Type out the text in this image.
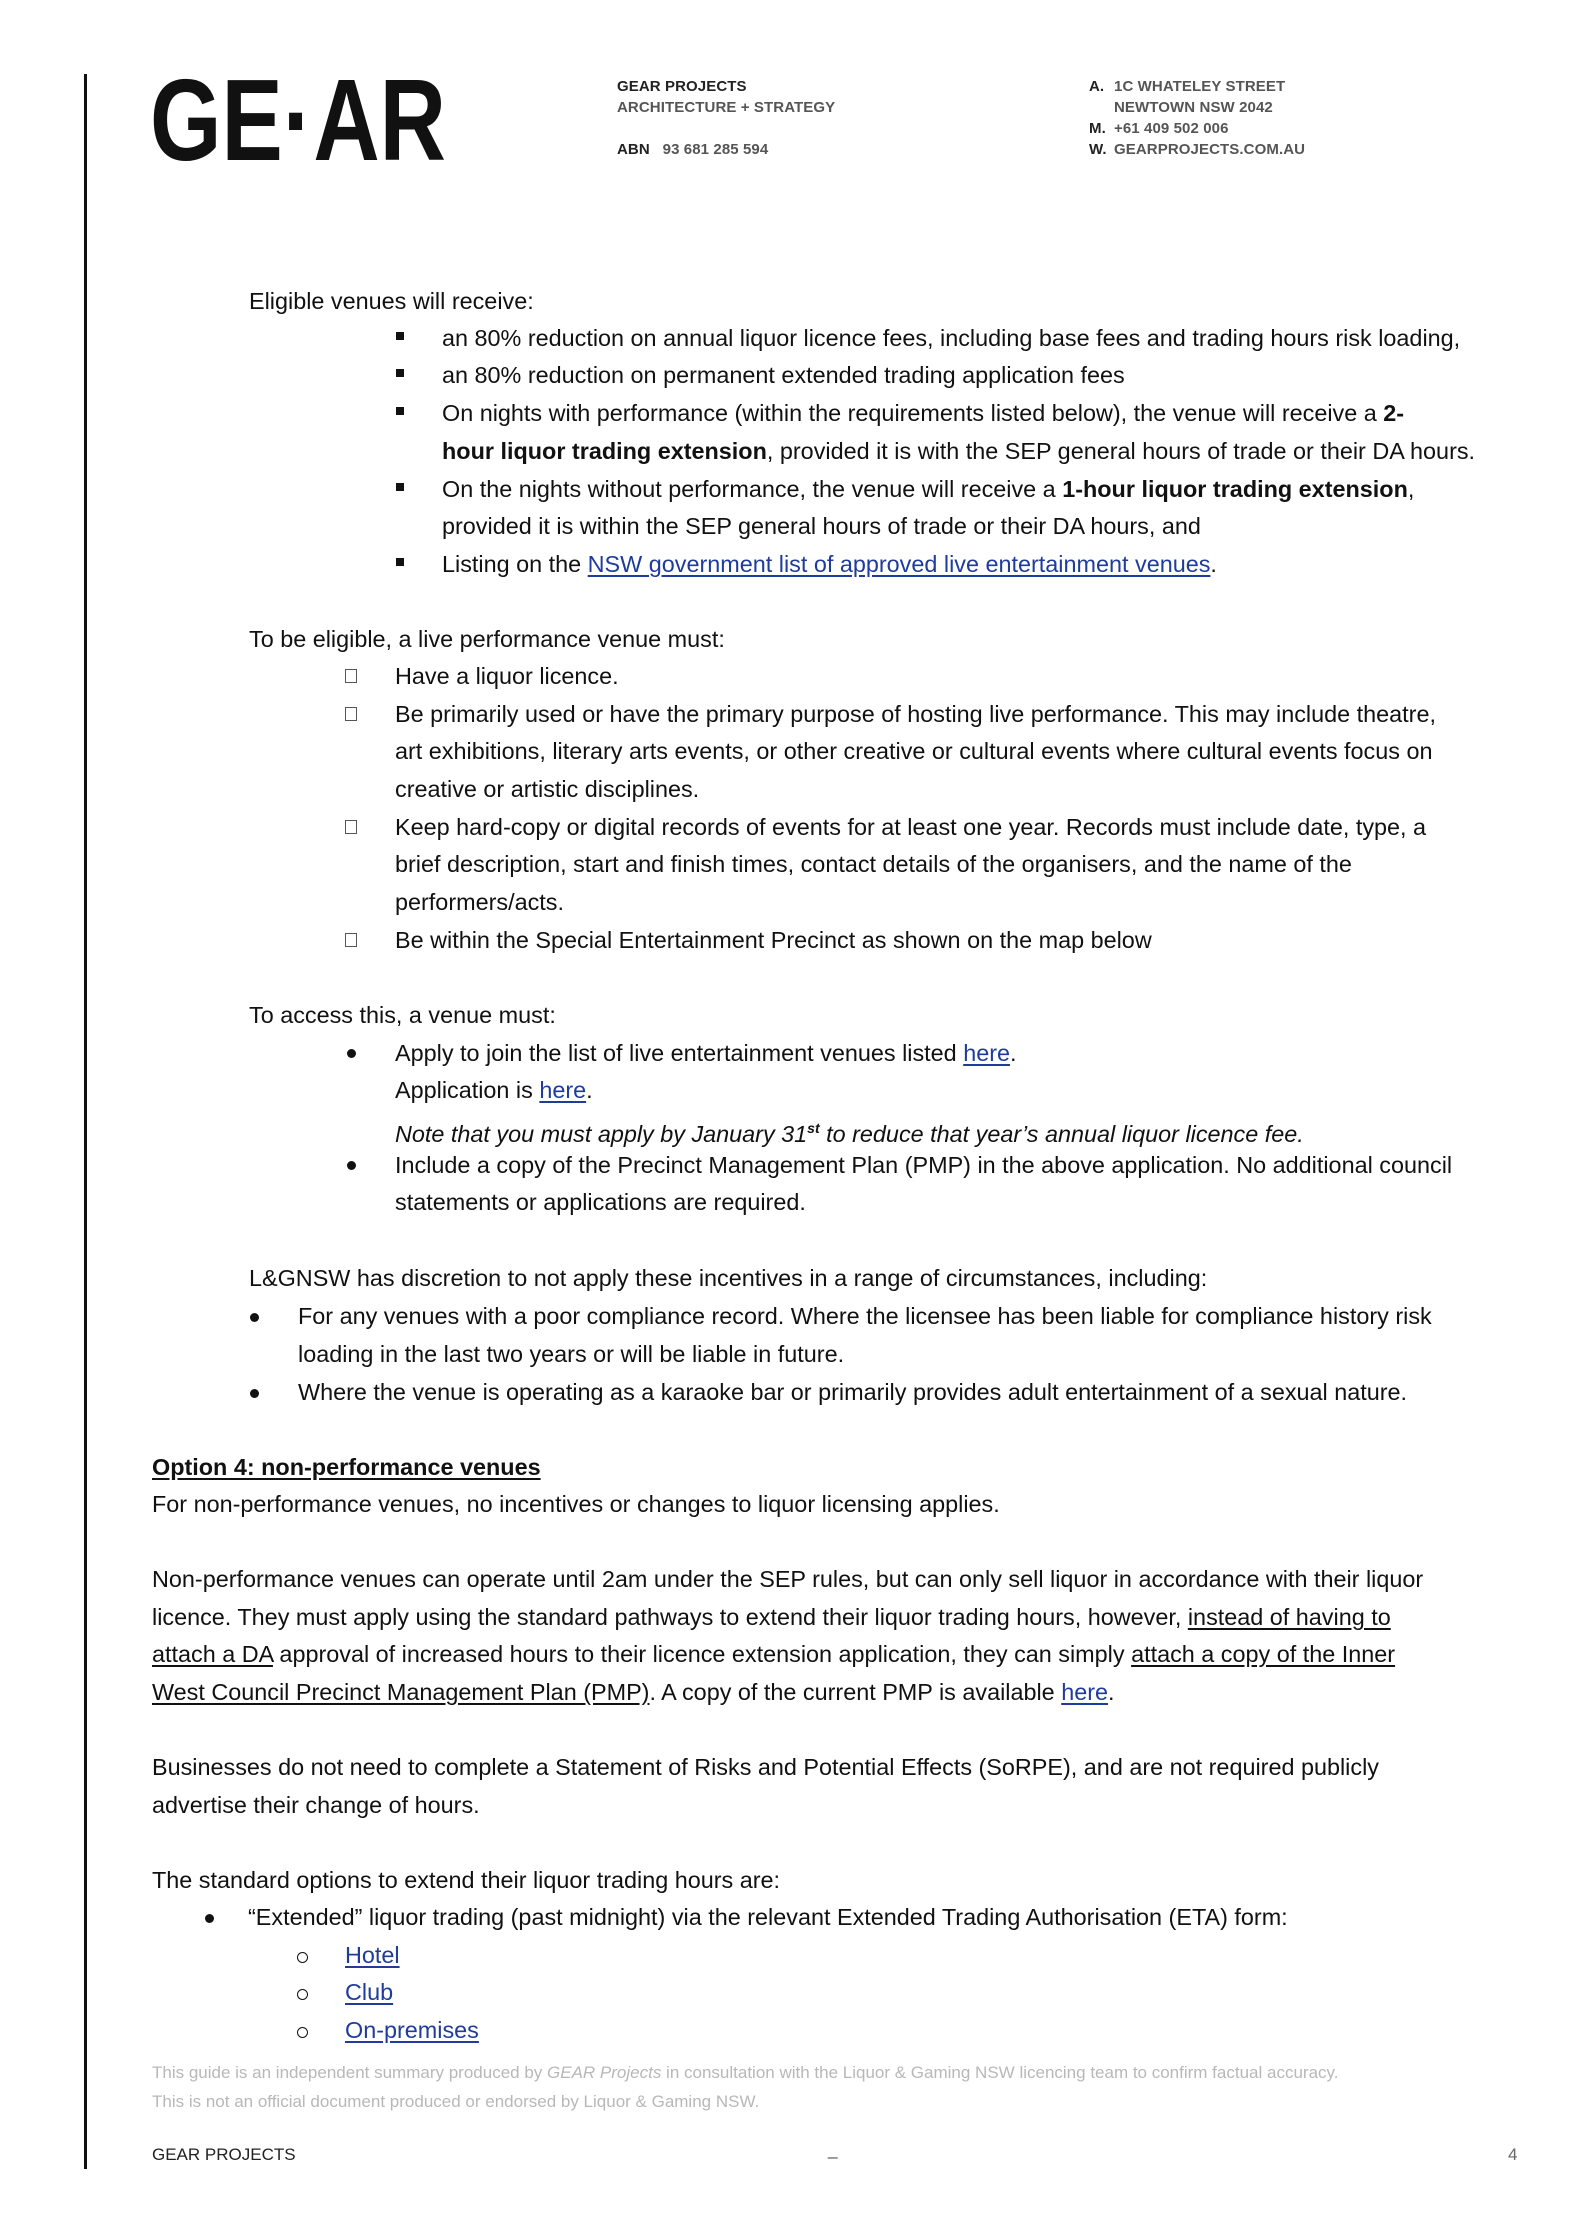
GE·AR	GEAR PROJECTS
ARCHITECTURE + STRATEGY
ABN 93 681 285 594
A. 1C WHATELEY STREET
NEWTOWN NSW 2042
M. +61 409 502 006
W. GEARPROJECTS.COM.AU
Eligible venues will receive:
an 80% reduction on annual liquor licence fees, including base fees and trading hours risk loading,
an 80% reduction on permanent extended trading application fees
On nights with performance (within the requirements listed below), the venue will receive a 2-
hour liquor trading extension, provided it is with the SEP general hours of trade or their DA hours.
On the nights without performance, the venue will receive a 1-hour liquor trading extension,
provided it is within the SEP general hours of trade or their DA hours, and
Listing on the NSW government list of approved live entertainment venues.
To be eligible, a live performance venue must:
Have a liquor licence.
Be primarily used or have the primary purpose of hosting live performance. This may include theatre,
art exhibitions, literary arts events, or other creative or cultural events where cultural events focus on
creative or artistic disciplines.
Keep hard-copy or digital records of events for at least one year. Records must include date, type, a
brief description, start and finish times, contact details of the organisers, and the name of the
performers/acts.
Be within the Special Entertainment Precinct as shown on the map below
To access this, a venue must:
Apply to join the list of live entertainment venues listed here.
Application is here.
Note that you must apply by January 31st to reduce that year’s annual liquor licence fee.
Include a copy of the Precinct Management Plan (PMP) in the above application. No additional council
statements or applications are required.
L&GNSW has discretion to not apply these incentives in a range of circumstances, including:
For any venues with a poor compliance record. Where the licensee has been liable for compliance history risk
loading in the last two years or will be liable in future.
Where the venue is operating as a karaoke bar or primarily provides adult entertainment of a sexual nature.
Option 4: non-performance venues
For non-performance venues, no incentives or changes to liquor licensing applies.
Non-performance venues can operate until 2am under the SEP rules, but can only sell liquor in accordance with their liquor
licence. They must apply using the standard pathways to extend their liquor trading hours, however, instead of having to
attach a DA approval of increased hours to their licence extension application, they can simply attach a copy of the Inner
West Council Precinct Management Plan (PMP). A copy of the current PMP is available here.
Businesses do not need to complete a Statement of Risks and Potential Effects (SoRPE), and are not required publicly
advertise their change of hours.
The standard options to extend their liquor trading hours are:
“Extended” liquor trading (past midnight) via the relevant Extended Trading Authorisation (ETA) form:
Hotel
Club
On-premises
This guide is an independent summary produced by GEAR Projects in consultation with the Liquor & Gaming NSW licencing team to confirm factual accuracy.
This is not an official document produced or endorsed by Liquor & Gaming NSW.
GEAR PROJECTS	_	4
